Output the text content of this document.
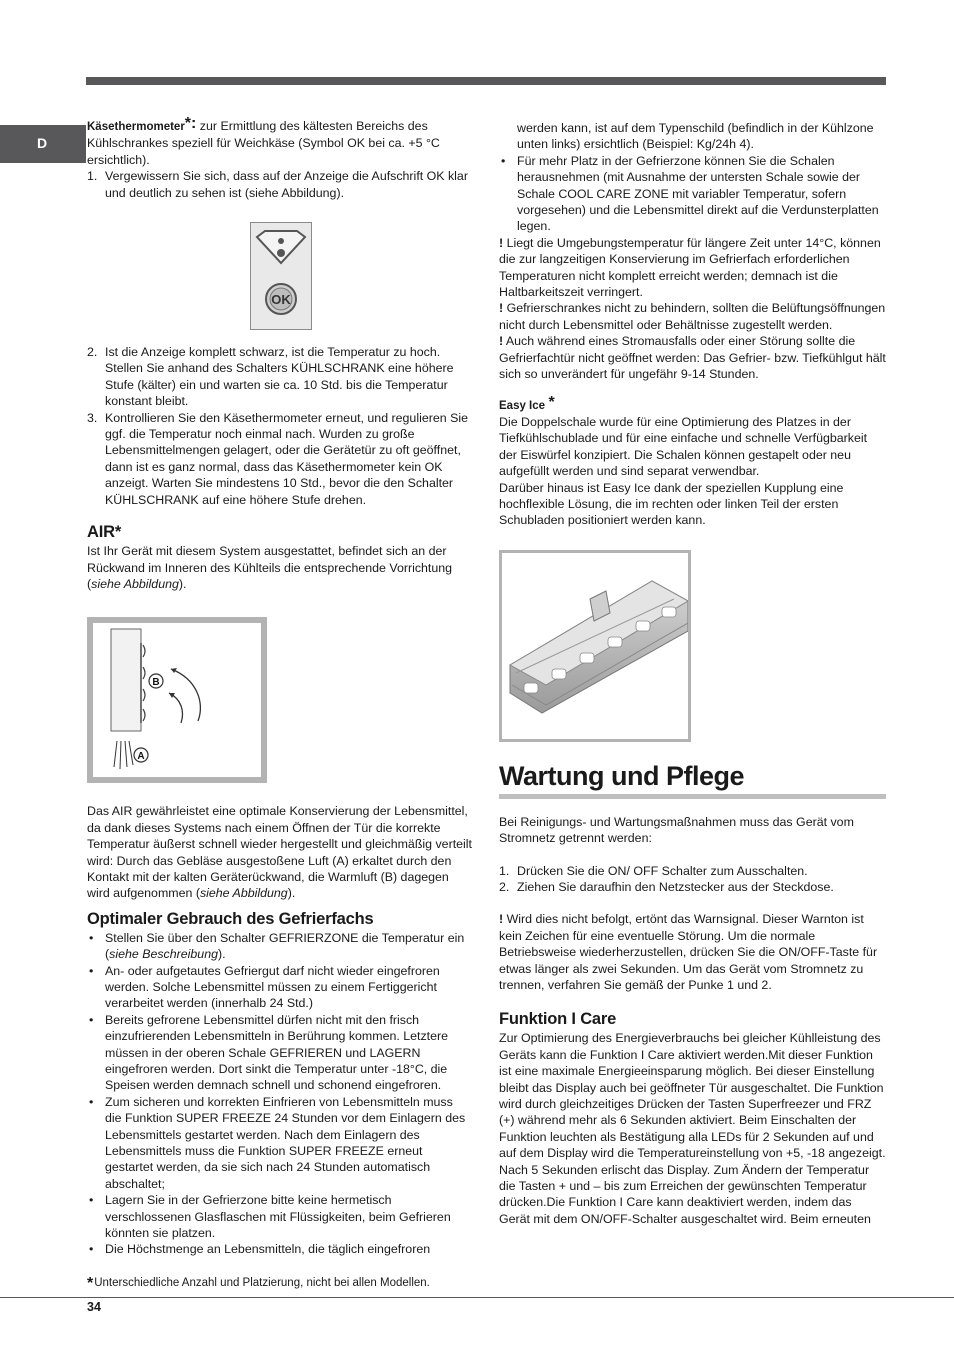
D

Käsethermometer*: zur Ermittlung des kältesten Bereichs des Kühlschrankes speziell für Weichkäse (Symbol OK bei ca. +5 °C ersichtlich).

1. Vergewissern Sie sich, dass auf der Anzeige die Aufschrift OK klar und deutlich zu sehen ist (siehe Abbildung).
OK
2. Ist die Anzeige komplett schwarz, ist die Temperatur zu hoch. Stellen Sie anhand des Schalters KÜHLSCHRANK eine höhere Stufe (kälter) ein und warten sie ca. 10 Std. bis die Temperatur konstant bleibt.
3. Kontrollieren Sie den Käsethermometer erneut, und regulieren Sie ggf. die Temperatur noch einmal nach. Wurden zu große Lebensmittelmengen gelagert, oder die Gerätetür zu oft geöffnet, dann ist es ganz normal, dass das Käsethermometer kein OK anzeigt. Warten Sie mindestens 10 Std., bevor die den Schalter KÜHLSCHRANK auf eine höhere Stufe drehen.
AIR*

Ist Ihr Gerät mit diesem System ausgestattet, befindet sich an der Rückwand im Inneren des Kühlteils die entsprechende Vorrichtung (siehe Abbildung).

B
A

Das AIR gewährleistet eine optimale Konservierung der Lebensmittel, da dank dieses Systems nach einem Öffnen der Tür die korrekte Temperatur äußerst schnell wieder hergestellt und gleichmäßig verteilt wird: Durch das Gebläse ausgestoßene Luft (A) erkaltet durch den Kontakt mit der kalten Geräterückwand, die Warmluft (B) dagegen wird aufgenommen (siehe Abbildung).

Optimaler Gebrauch des Gefrierfachs
• Stellen Sie über den Schalter GEFRIERZONE die Temperatur ein (siehe Beschreibung).
• An- oder aufgetautes Gefriergut darf nicht wieder eingefroren werden. Solche Lebensmittel müssen zu einem Fertiggericht verarbeitet werden (innerhalb 24 Std.)
• Bereits gefrorene Lebensmittel dürfen nicht mit den frisch einzufrierenden Lebensmitteln in Berührung kommen. Letztere müssen in der oberen Schale GEFRIEREN und LAGERN eingefroren werden. Dort sinkt die Temperatur unter -18°C, die Speisen werden demnach schnell und schonend eingefroren.
• Zum sicheren und korrekten Einfrieren von Lebensmitteln muss die Funktion SUPER FREEZE 24 Stunden vor dem Einlagern des Lebensmittels gestartet werden. Nach dem Einlagern des Lebensmittels muss die Funktion SUPER FREEZE erneut gestartet werden, da sie sich nach 24 Stunden automatisch abschaltet;
• Lagern Sie in der Gefrierzone bitte keine hermetisch verschlossenen Glasflaschen mit Flüssigkeiten, beim Gefrieren könnten sie platzen.
• Die Höchstmenge an Lebensmitteln, die täglich eingefroren

*Unterschiedliche Anzahl und Platzierung, nicht bei allen Modellen.

werden kann, ist auf dem Typenschild (befindlich in der Kühlzone unten links) ersichtlich (Beispiel: Kg/24h 4).

• Für mehr Platz in der Gefrierzone können Sie die Schalen herausnehmen (mit Ausnahme der untersten Schale sowie der Schale COOL CARE ZONE mit variabler Temperatur, sofern vorgesehen) und die Lebensmittel direkt auf die Verdunsterplatten legen.

! Liegt die Umgebungstemperatur für längere Zeit unter 14°C, können die zur langzeitigen Konservierung im Gefrierfach erforderlichen Temperaturen nicht komplett erreicht werden; demnach ist die Haltbarkeitszeit verringert.

! Gefrierschrankes nicht zu behindern, sollten die Belüftungsöffnungen nicht durch Lebensmittel oder Behältnisse zugestellt werden.

! Auch während eines Stromausfalls oder einer Störung sollte die Gefrierfachtür nicht geöffnet werden: Das Gefrier- bzw. Tiefkühlgut hält sich so unverändert für ungefähr 9-14 Stunden.

Easy Ice *

Die Doppelschale wurde für eine Optimierung des Platzes in der Tiefkühlschublade und für eine einfache und schnelle Verfügbarkeit der Eiswürfel konzipiert. Die Schalen können gestapelt oder neu aufgefüllt werden und sind separat verwendbar.

Darüber hinaus ist Easy Ice dank der speziellen Kupplung eine hochflexible Lösung, die im rechten oder linken Teil der ersten Schubladen positioniert werden kann.

Wartung und Pflege

Bei Reinigungs- und Wartungsmaßnahmen muss das Gerät vom Stromnetz getrennt werden:

1. Drücken Sie die ON/ OFF Schalter zum Ausschalten.
2. Ziehen Sie daraufhin den Netzstecker aus der Steckdose.

! Wird dies nicht befolgt, ertönt das Warnsignal. Dieser Warnton ist kein Zeichen für eine eventuelle Störung. Um die normale Betriebsweise wiederherzustellen, drücken Sie die ON/OFF-Taste für etwas länger als zwei Sekunden. Um das Gerät vom Stromnetz zu trennen, verfahren Sie gemäß der Punke 1 und 2.

Funktion I Care

Zur Optimierung des Energieverbrauchs bei gleicher Kühlleistung des Geräts kann die Funktion I Care aktiviert werden.Mit dieser Funktion ist eine maximale Energieeinsparung möglich. Bei dieser Einstellung bleibt das Display auch bei geöffneter Tür ausgeschaltet. Die Funktion wird durch gleichzeitiges Drücken der Tasten Superfreezer und FRZ (+) während mehr als 6 Sekunden aktiviert. Beim Einschalten der Funktion leuchten als Bestätigung alla LEDs für 2 Sekunden auf und auf dem Display wird die Temperatureinstellung von +5, -18 angezeigt. Nach 5 Sekunden erlischt das Display. Zum Ändern der Temperatur die Tasten + und – bis zum Erreichen der gewünschten Temperatur drücken.Die Funktion I Care kann deaktiviert werden, indem das Gerät mit dem ON/OFF-Schalter ausgeschaltet wird. Beim erneuten

34
